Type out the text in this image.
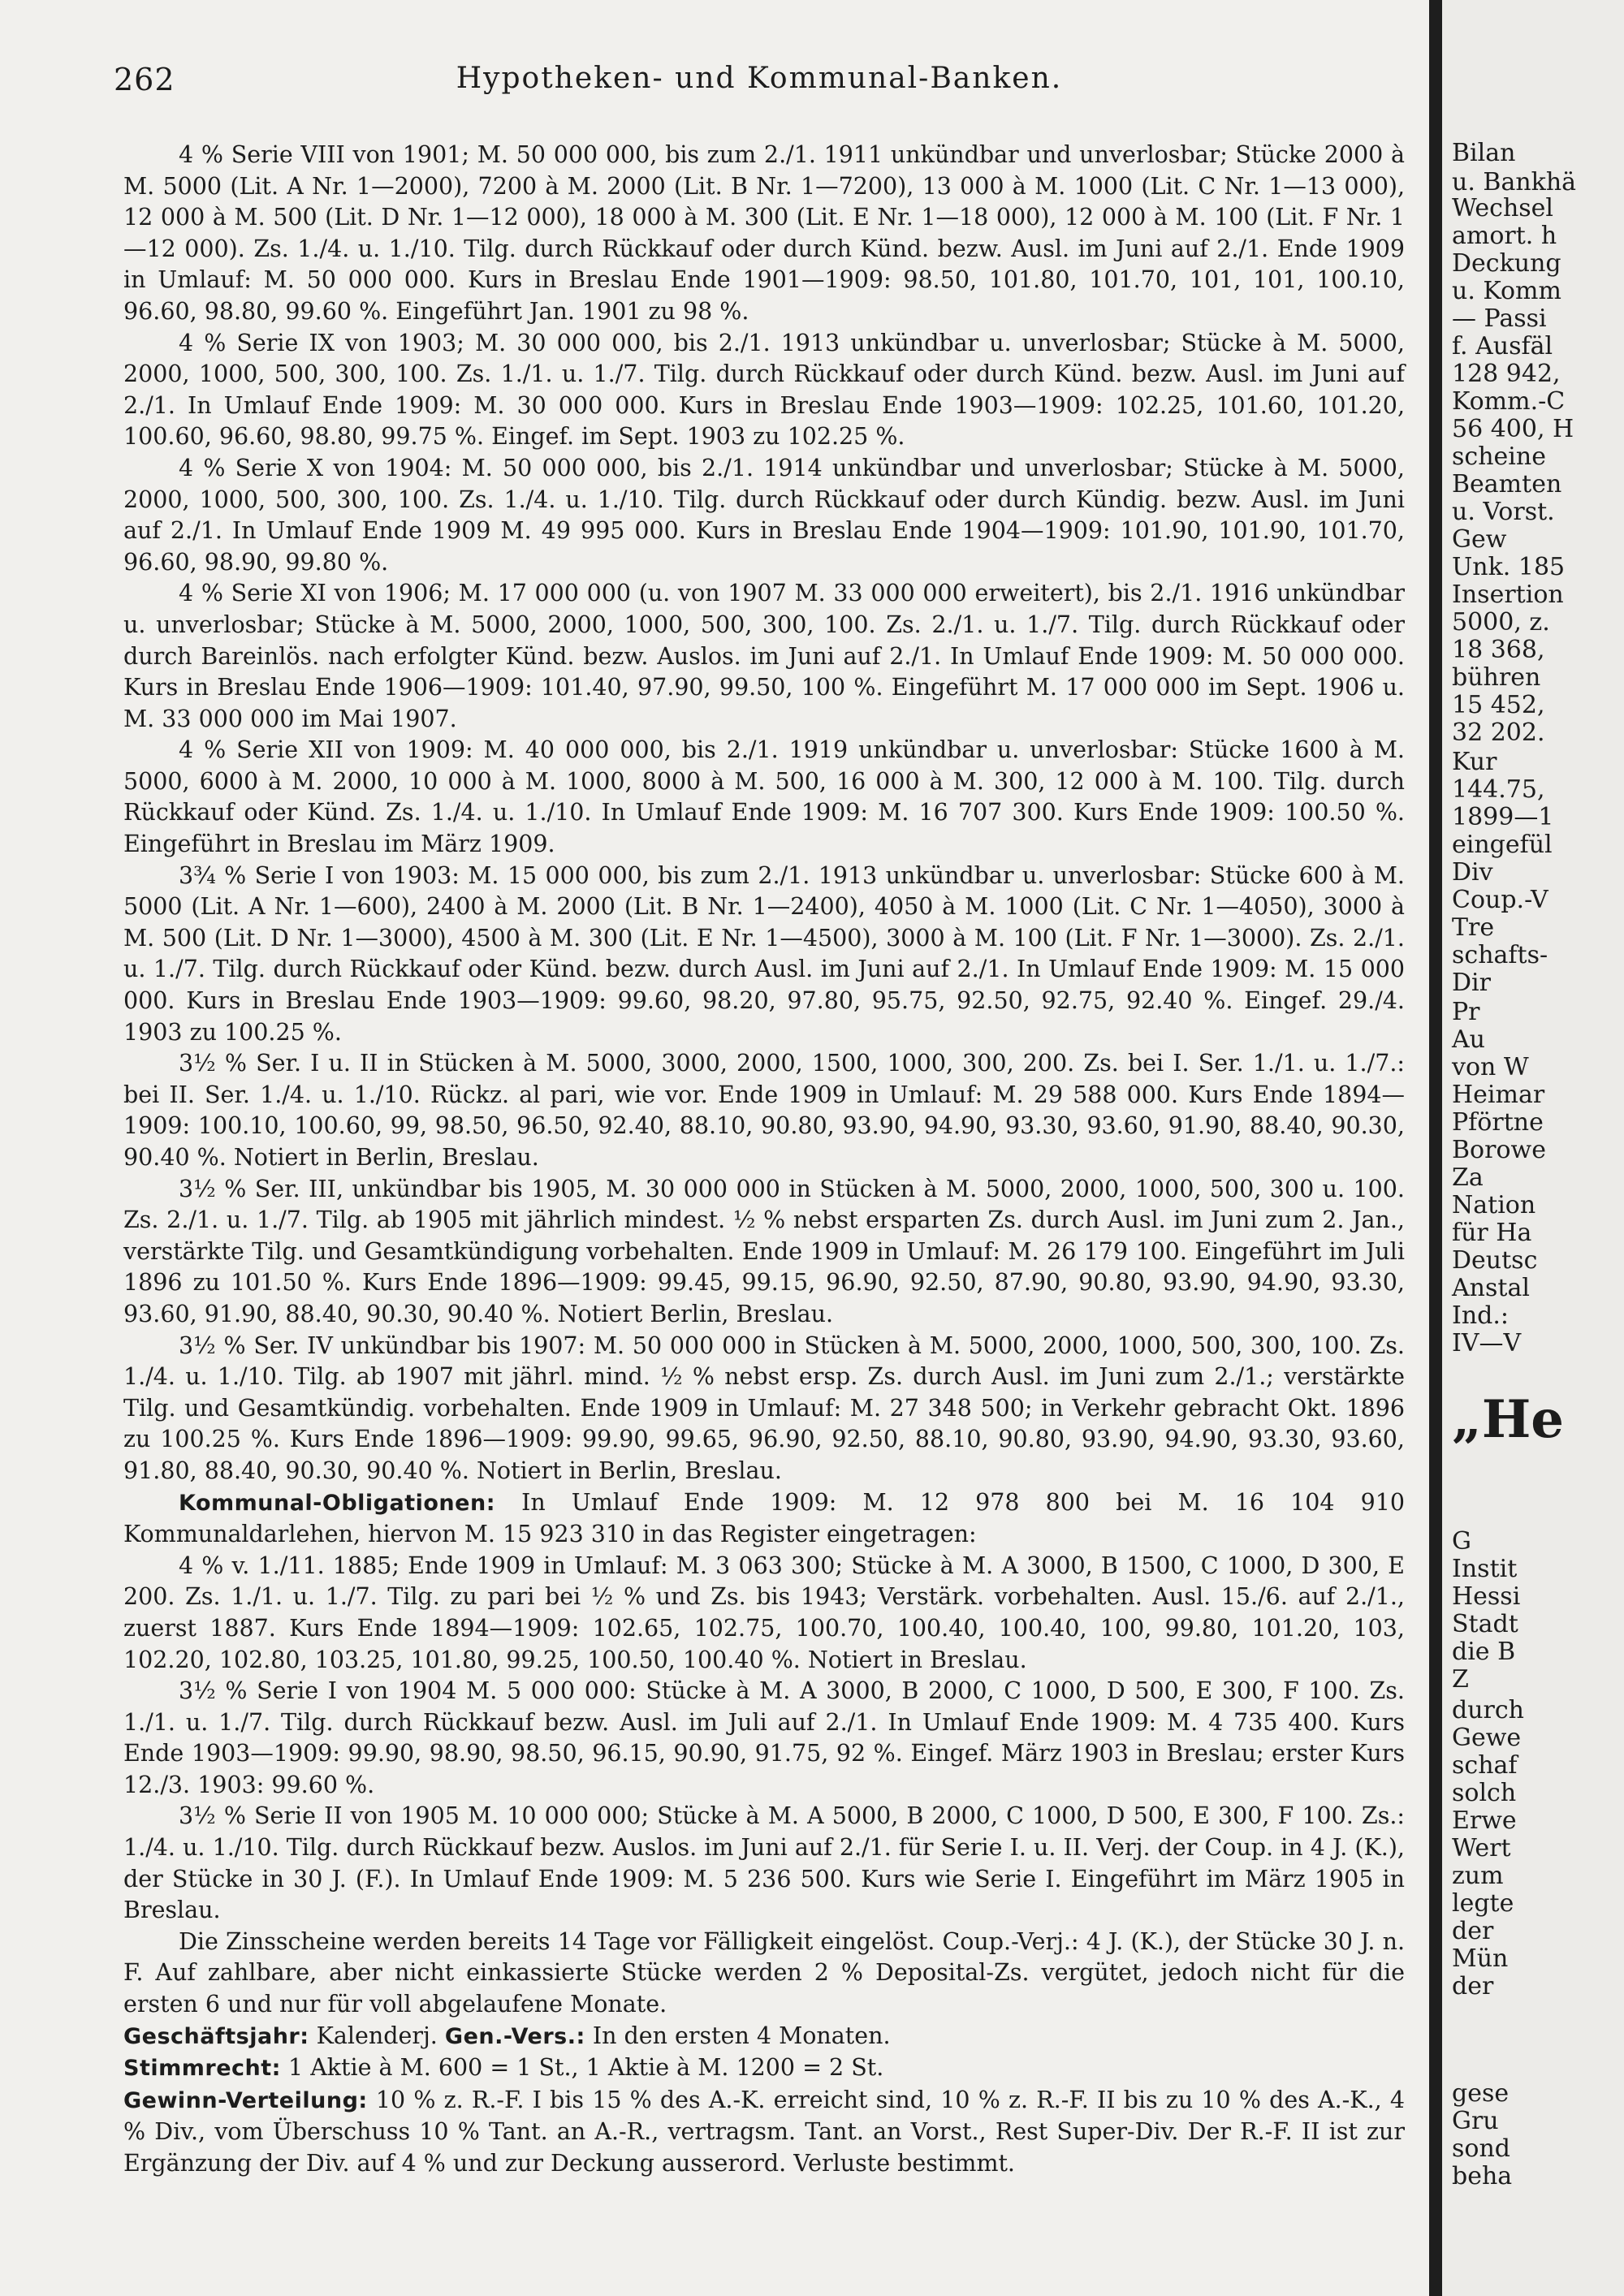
262	Hypotheken- und Kommunal-Banken.

4 % Serie VIII von 1901; M. 50 000 000, bis zum 2./1. 1911 unkündbar und unverlosbar; Stücke 2000 à M. 5000 (Lit. A Nr. 1—2000), 7200 à M. 2000 (Lit. B Nr. 1—7200), 13 000 à M. 1000 (Lit. C Nr. 1—13 000), 12 000 à M. 500 (Lit. D Nr. 1—12 000), 18 000 à M. 300 (Lit. E Nr. 1—18 000), 12 000 à M. 100 (Lit. F Nr. 1—12 000). Zs. 1./4. u. 1./10. Tilg. durch Rückkauf oder durch Künd. bezw. Ausl. im Juni auf 2./1. Ende 1909 in Umlauf: M. 50 000 000. Kurs in Breslau Ende 1901—1909: 98.50, 101.80, 101.70, 101, 101, 100.10, 96.60, 98.80, 99.60 %. Eingeführt Jan. 1901 zu 98 %.

4 % Serie IX von 1903; M. 30 000 000, bis 2./1. 1913 unkündbar u. unverlosbar; Stücke à M. 5000, 2000, 1000, 500, 300, 100. Zs. 1./1. u. 1./7. Tilg. durch Rückkauf oder durch Künd. bezw. Ausl. im Juni auf 2./1. In Umlauf Ende 1909: M. 30 000 000. Kurs in Breslau Ende 1903—1909: 102.25, 101.60, 101.20, 100.60, 96.60, 98.80, 99.75 %. Eingef. im Sept. 1903 zu 102.25 %.

4 % Serie X von 1904: M. 50 000 000, bis 2./1. 1914 unkündbar und unverlosbar; Stücke à M. 5000, 2000, 1000, 500, 300, 100. Zs. 1./4. u. 1./10. Tilg. durch Rückkauf oder durch Kündig. bezw. Ausl. im Juni auf 2./1. In Umlauf Ende 1909 M. 49 995 000. Kurs in Breslau Ende 1904—1909: 101.90, 101.90, 101.70, 96.60, 98.90, 99.80 %.

4 % Serie XI von 1906; M. 17 000 000 (u. von 1907 M. 33 000 000 erweitert), bis 2./1. 1916 unkündbar u. unverlosbar; Stücke à M. 5000, 2000, 1000, 500, 300, 100. Zs. 2./1. u. 1./7. Tilg. durch Rückkauf oder durch Bareinlös. nach erfolgter Künd. bezw. Auslos. im Juni auf 2./1. In Umlauf Ende 1909: M. 50 000 000. Kurs in Breslau Ende 1906—1909: 101.40, 97.90, 99.50, 100 %. Eingeführt M. 17 000 000 im Sept. 1906 u. M. 33 000 000 im Mai 1907.

4 % Serie XII von 1909: M. 40 000 000, bis 2./1. 1919 unkündbar u. unverlosbar: Stücke 1600 à M. 5000, 6000 à M. 2000, 10 000 à M. 1000, 8000 à M. 500, 16 000 à M. 300, 12 000 à M. 100. Tilg. durch Rückkauf oder Künd. Zs. 1./4. u. 1./10. In Umlauf Ende 1909: M. 16 707 300. Kurs Ende 1909: 100.50 %. Eingeführt in Breslau im März 1909.

3¾ % Serie I von 1903: M. 15 000 000, bis zum 2./1. 1913 unkündbar u. unverlosbar: Stücke 600 à M. 5000 (Lit. A Nr. 1—600), 2400 à M. 2000 (Lit. B Nr. 1—2400), 4050 à M. 1000 (Lit. C Nr. 1—4050), 3000 à M. 500 (Lit. D Nr. 1—3000), 4500 à M. 300 (Lit. E Nr. 1—4500), 3000 à M. 100 (Lit. F Nr. 1—3000). Zs. 2./1. u. 1./7. Tilg. durch Rückkauf oder Künd. bezw. durch Ausl. im Juni auf 2./1. In Umlauf Ende 1909: M. 15 000 000. Kurs in Breslau Ende 1903—1909: 99.60, 98.20, 97.80, 95.75, 92.50, 92.75, 92.40 %. Eingef. 29./4. 1903 zu 100.25 %.

3½ % Ser. I u. II in Stücken à M. 5000, 3000, 2000, 1500, 1000, 300, 200. Zs. bei I. Ser. 1./1. u. 1./7.: bei II. Ser. 1./4. u. 1./10. Rückz. al pari, wie vor. Ende 1909 in Umlauf: M. 29 588 000. Kurs Ende 1894—1909: 100.10, 100.60, 99, 98.50, 96.50, 92.40, 88.10, 90.80, 93.90, 94.90, 93.30, 93.60, 91.90, 88.40, 90.30, 90.40 %. Notiert in Berlin, Breslau.

3½ % Ser. III, unkündbar bis 1905, M. 30 000 000 in Stücken à M. 5000, 2000, 1000, 500, 300 u. 100. Zs. 2./1. u. 1./7. Tilg. ab 1905 mit jährlich mindest. ½ % nebst ersparten Zs. durch Ausl. im Juni zum 2. Jan., verstärkte Tilg. und Gesamtkündigung vorbehalten. Ende 1909 in Umlauf: M. 26 179 100. Eingeführt im Juli 1896 zu 101.50 %. Kurs Ende 1896—1909: 99.45, 99.15, 96.90, 92.50, 87.90, 90.80, 93.90, 94.90, 93.30, 93.60, 91.90, 88.40, 90.30, 90.40 %. Notiert Berlin, Breslau.

3½ % Ser. IV unkündbar bis 1907: M. 50 000 000 in Stücken à M. 5000, 2000, 1000, 500, 300, 100. Zs. 1./4. u. 1./10. Tilg. ab 1907 mit jährl. mind. ½ % nebst ersp. Zs. durch Ausl. im Juni zum 2./1.; verstärkte Tilg. und Gesamtkündig. vorbehalten. Ende 1909 in Umlauf: M. 27 348 500; in Verkehr gebracht Okt. 1896 zu 100.25 %. Kurs Ende 1896—1909: 99.90, 99.65, 96.90, 92.50, 88.10, 90.80, 93.90, 94.90, 93.30, 93.60, 91.80, 88.40, 90.30, 90.40 %. Notiert in Berlin, Breslau.

Kommunal-Obligationen: In Umlauf Ende 1909: M. 12 978 800 bei M. 16 104 910 Kommunaldarlehen, hiervon M. 15 923 310 in das Register eingetragen:

4 % v. 1./11. 1885; Ende 1909 in Umlauf: M. 3 063 300; Stücke à M. A 3000, B 1500, C 1000, D 300, E 200. Zs. 1./1. u. 1./7. Tilg. zu pari bei ½ % und Zs. bis 1943; Verstärk. vorbehalten. Ausl. 15./6. auf 2./1., zuerst 1887. Kurs Ende 1894—1909: 102.65, 102.75, 100.70, 100.40, 100.40, 100, 99.80, 101.20, 103, 102.20, 102.80, 103.25, 101.80, 99.25, 100.50, 100.40 %. Notiert in Breslau.

3½ % Serie I von 1904 M. 5 000 000: Stücke à M. A 3000, B 2000, C 1000, D 500, E 300, F 100. Zs. 1./1. u. 1./7. Tilg. durch Rückkauf bezw. Ausl. im Juli auf 2./1. In Umlauf Ende 1909: M. 4 735 400. Kurs Ende 1903—1909: 99.90, 98.90, 98.50, 96.15, 90.90, 91.75, 92 %. Eingef. März 1903 in Breslau; erster Kurs 12./3. 1903: 99.60 %.

3½ % Serie II von 1905 M. 10 000 000; Stücke à M. A 5000, B 2000, C 1000, D 500, E 300, F 100. Zs.: 1./4. u. 1./10. Tilg. durch Rückkauf bezw. Auslos. im Juni auf 2./1. für Serie I. u. II. Verj. der Coup. in 4 J. (K.), der Stücke in 30 J. (F.). In Umlauf Ende 1909: M. 5 236 500. Kurs wie Serie I. Eingeführt im März 1905 in Breslau.

Die Zinsscheine werden bereits 14 Tage vor Fälligkeit eingelöst. Coup.-Verj.: 4 J. (K.), der Stücke 30 J. n. F. Auf zahlbare, aber nicht einkassierte Stücke werden 2 % Deposital-Zs. vergütet, jedoch nicht für die ersten 6 und nur für voll abgelaufene Monate.

Geschäftsjahr: Kalenderj. Gen.-Vers.: In den ersten 4 Monaten.

Stimmrecht: 1 Aktie à M. 600 = 1 St., 1 Aktie à M. 1200 = 2 St.

Gewinn-Verteilung: 10 % z. R.-F. I bis 15 % des A.-K. erreicht sind, 10 % z. R.-F. II bis zu 10 % des A.-K., 4 % Div., vom Überschuss 10 % Tant. an A.-R., vertragsm. Tant. an Vorst., Rest Super-Div. Der R.-F. II ist zur Ergänzung der Div. auf 4 % und zur Deckung ausserord. Verluste bestimmt.

Bilan
u. Bankhä
Wechsel
amort. h
Deckung
u. Komm
— Passi
f. Ausfäl
128 942,
Komm.-C
56 400, H
scheine
Beamten
u. Vorst.
Gew
Unk. 185
Insertion
5000, z.
18 368,
bühren
15 452,
32 202.
Kur
144.75,
1899—1
eingefül
Div
Coup.-V
Tre
schafts-
Dir
Pr
Au
von W
Heimar
Pförtne
Borowe
Za
Nation
für Ha
Deutsc
Anstal
Ind.:
IV—V
„He
G
Instit
Hessi
Stadt
die B
Z
durch
Gewe
schaf
solch
Erwe
Wert
zum
legte
der
Mün
der
gese
Gru
sond
beha
